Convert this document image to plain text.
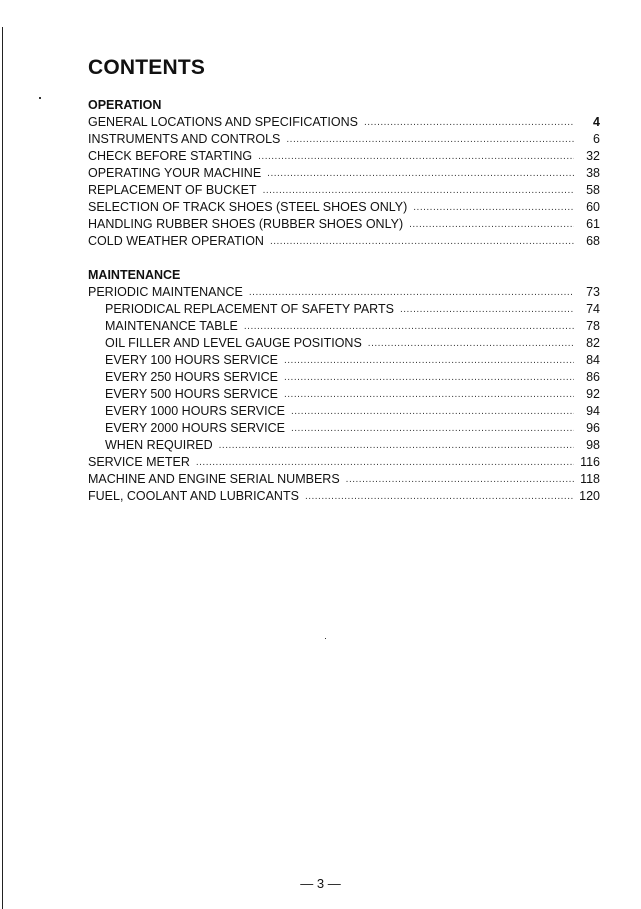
CONTENTS
OPERATION
GENERAL LOCATIONS AND SPECIFICATIONS .....	4
INSTRUMENTS AND CONTROLS .....	6
CHECK BEFORE STARTING .....	32
OPERATING YOUR MACHINE .....	38
REPLACEMENT OF BUCKET .....	58
SELECTION OF TRACK SHOES (STEEL SHOES ONLY) .....	60
HANDLING RUBBER SHOES (RUBBER SHOES ONLY) .....	61
COLD WEATHER OPERATION .....	68
MAINTENANCE
PERIODIC MAINTENANCE .....	73
PERIODICAL REPLACEMENT OF SAFETY PARTS .....	74
MAINTENANCE TABLE .....	78
OIL FILLER AND LEVEL GAUGE POSITIONS .....	82
EVERY 100 HOURS SERVICE .....	84
EVERY 250 HOURS SERVICE .....	86
EVERY 500 HOURS SERVICE .....	92
EVERY 1000 HOURS SERVICE .....	94
EVERY 2000 HOURS SERVICE .....	96
WHEN REQUIRED .....	98
SERVICE METER .....	116
MACHINE AND ENGINE SERIAL NUMBERS .....	118
FUEL, COOLANT AND LUBRICANTS .....	120
— 3 —
